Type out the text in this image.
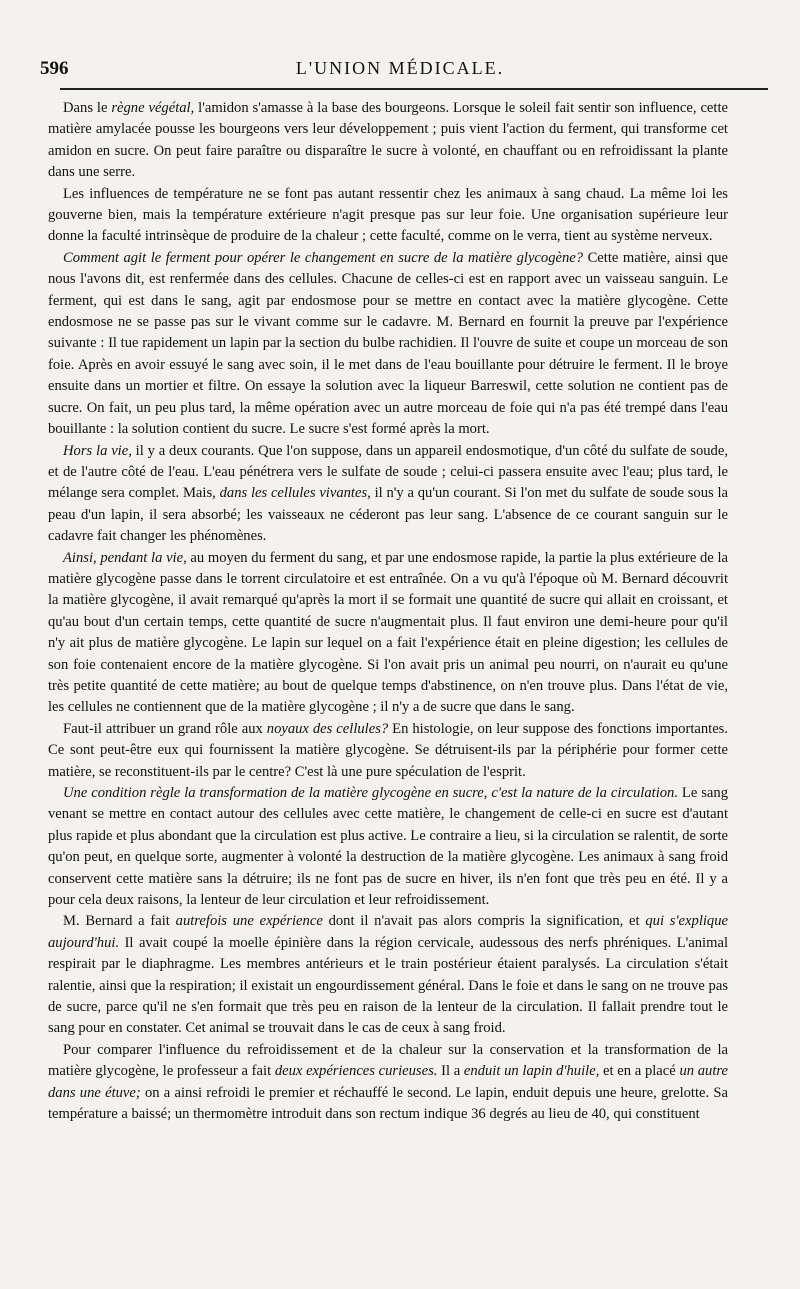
596	L'UNION MÉDICALE.

Dans le règne végétal, l'amidon s'amasse à la base des bourgeons. Lorsque le soleil fait sentir son influence, cette matière amylacée pousse les bourgeons vers leur développement ; puis vient l'action du ferment, qui transforme cet amidon en sucre. On peut faire paraître ou disparaître le sucre à volonté, en chauffant ou en refroidissant la plante dans une serre.

Les influences de température ne se font pas autant ressentir chez les animaux à sang chaud. La même loi les gouverne bien, mais la température extérieure n'agit presque pas sur leur foie. Une organisation supérieure leur donne la faculté intrinsèque de produire de la chaleur ; cette faculté, comme on le verra, tient au système nerveux.

Comment agit le ferment pour opérer le changement en sucre de la matière glycogène? Cette matière, ainsi que nous l'avons dit, est renfermée dans des cellules. Chacune de celles-ci est en rapport avec un vaisseau sanguin. Le ferment, qui est dans le sang, agit par endosmose pour se mettre en contact avec la matière glycogène. Cette endosmose ne se passe pas sur le vivant comme sur le cadavre. M. Bernard en fournit la preuve par l'expérience suivante : Il tue rapidement un lapin par la section du bulbe rachidien. Il l'ouvre de suite et coupe un morceau de son foie. Après en avoir essuyé le sang avec soin, il le met dans de l'eau bouillante pour détruire le ferment. Il le broye ensuite dans un mortier et filtre. On essaye la solution avec la liqueur Barreswil, cette solution ne contient pas de sucre. On fait, un peu plus tard, la même opération avec un autre morceau de foie qui n'a pas été trempé dans l'eau bouillante : la solution contient du sucre. Le sucre s'est formé après la mort.

Hors la vie, il y a deux courants. Que l'on suppose, dans un appareil endosmotique, d'un côté du sulfate de soude, et de l'autre côté de l'eau. L'eau pénétrera vers le sulfate de soude ; celui-ci passera ensuite avec l'eau; plus tard, le mélange sera complet. Mais, dans les cellules vivantes, il n'y a qu'un courant. Si l'on met du sulfate de soude sous la peau d'un lapin, il sera absorbé; les vaisseaux ne céderont pas leur sang. L'absence de ce courant sanguin sur le cadavre fait changer les phénomènes.

Ainsi, pendant la vie, au moyen du ferment du sang, et par une endosmose rapide, la partie la plus extérieure de la matière glycogène passe dans le torrent circulatoire et est entraînée. On a vu qu'à l'époque où M. Bernard découvrit la matière glycogène, il avait remarqué qu'après la mort il se formait une quantité de sucre qui allait en croissant, et qu'au bout d'un certain temps, cette quantité de sucre n'augmentait plus. Il faut environ une demi-heure pour qu'il n'y ait plus de matière glycogène. Le lapin sur lequel on a fait l'expérience était en pleine digestion; les cellules de son foie contenaient encore de la matière glycogène. Si l'on avait pris un animal peu nourri, on n'aurait eu qu'une très petite quantité de cette matière; au bout de quelque temps d'abstinence, on n'en trouve plus. Dans l'état de vie, les cellules ne contiennent que de la matière glycogène ; il n'y a de sucre que dans le sang.

Faut-il attribuer un grand rôle aux noyaux des cellules? En histologie, on leur suppose des fonctions importantes. Ce sont peut-être eux qui fournissent la matière glycogène. Se détruisent-ils par la périphérie pour former cette matière, se reconstituent-ils par le centre? C'est là une pure spéculation de l'esprit.

Une condition règle la transformation de la matière glycogène en sucre, c'est la nature de la circulation. Le sang venant se mettre en contact autour des cellules avec cette matière, le changement de celle-ci en sucre est d'autant plus rapide et plus abondant que la circulation est plus active. Le contraire a lieu, si la circulation se ralentit, de sorte qu'on peut, en quelque sorte, augmenter à volonté la destruction de la matière glycogène. Les animaux à sang froid conservent cette matière sans la détruire; ils ne font pas de sucre en hiver, ils n'en font que très peu en été. Il y a pour cela deux raisons, la lenteur de leur circulation et leur refroidissement.

M. Bernard a fait autrefois une expérience dont il n'avait pas alors compris la signification, et qui s'explique aujourd'hui. Il avait coupé la moelle épinière dans la région cervicale, audessous des nerfs phréniques. L'animal respirait par le diaphragme. Les membres antérieurs et le train postérieur étaient paralysés. La circulation s'était ralentie, ainsi que la respiration; il existait un engourdissement général. Dans le foie et dans le sang on ne trouve pas de sucre, parce qu'il ne s'en formait que très peu en raison de la lenteur de la circulation. Il fallait prendre tout le sang pour en constater. Cet animal se trouvait dans le cas de ceux à sang froid.

Pour comparer l'influence du refroidissement et de la chaleur sur la conservation et la transformation de la matière glycogène, le professeur a fait deux expériences curieuses. Il a enduit un lapin d'huile, et en a placé un autre dans une étuve; on a ainsi refroidi le premier et réchauffé le second. Le lapin, enduit depuis une heure, grelotte. Sa température a baissé; un thermomètre introduit dans son rectum indique 36 degrés au lieu de 40, qui constituent
